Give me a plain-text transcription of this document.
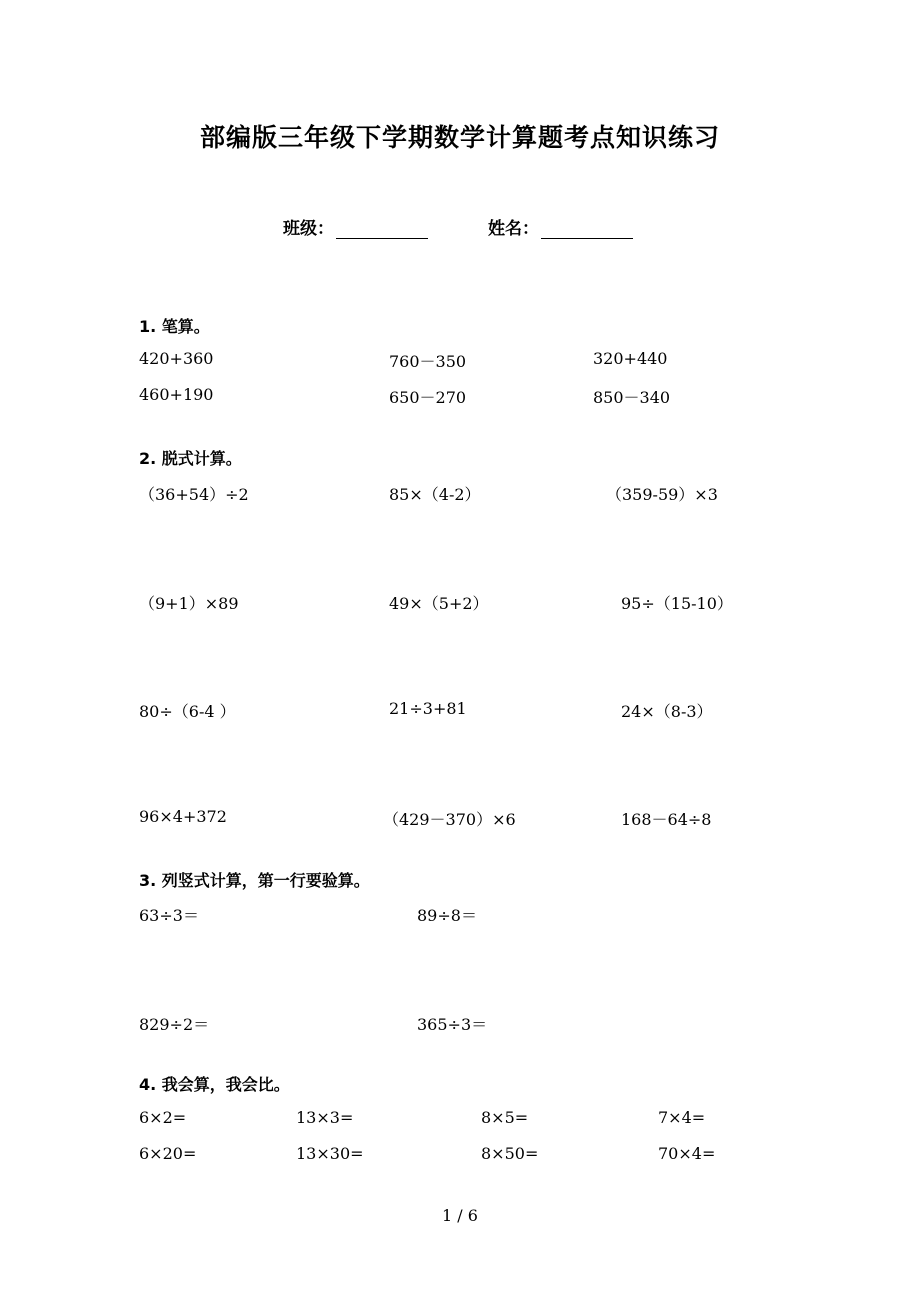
部编版三年级下学期数学计算题考点知识练习
班级：	姓名：
1. 笔算。
420+360	760－350	320+440
460+190	650－270	850－340
2. 脱式计算。
（36+54）÷2	85×（4-2）	（359-59）×3
（9+1）×89	49×（5+2）	95÷（15-10）
80÷（6-4 ）	21÷3+81	24×（8-3）
96×4+372	（429－370）×6	168－64÷8
3. 列竖式计算，第一行要验算。
63÷3＝	89÷8＝
829÷2＝	365÷3＝
4. 我会算，我会比。
6×2=	13×3=	8×5=	7×4=
6×20=	13×30=	8×50=	70×4=
1 / 6
